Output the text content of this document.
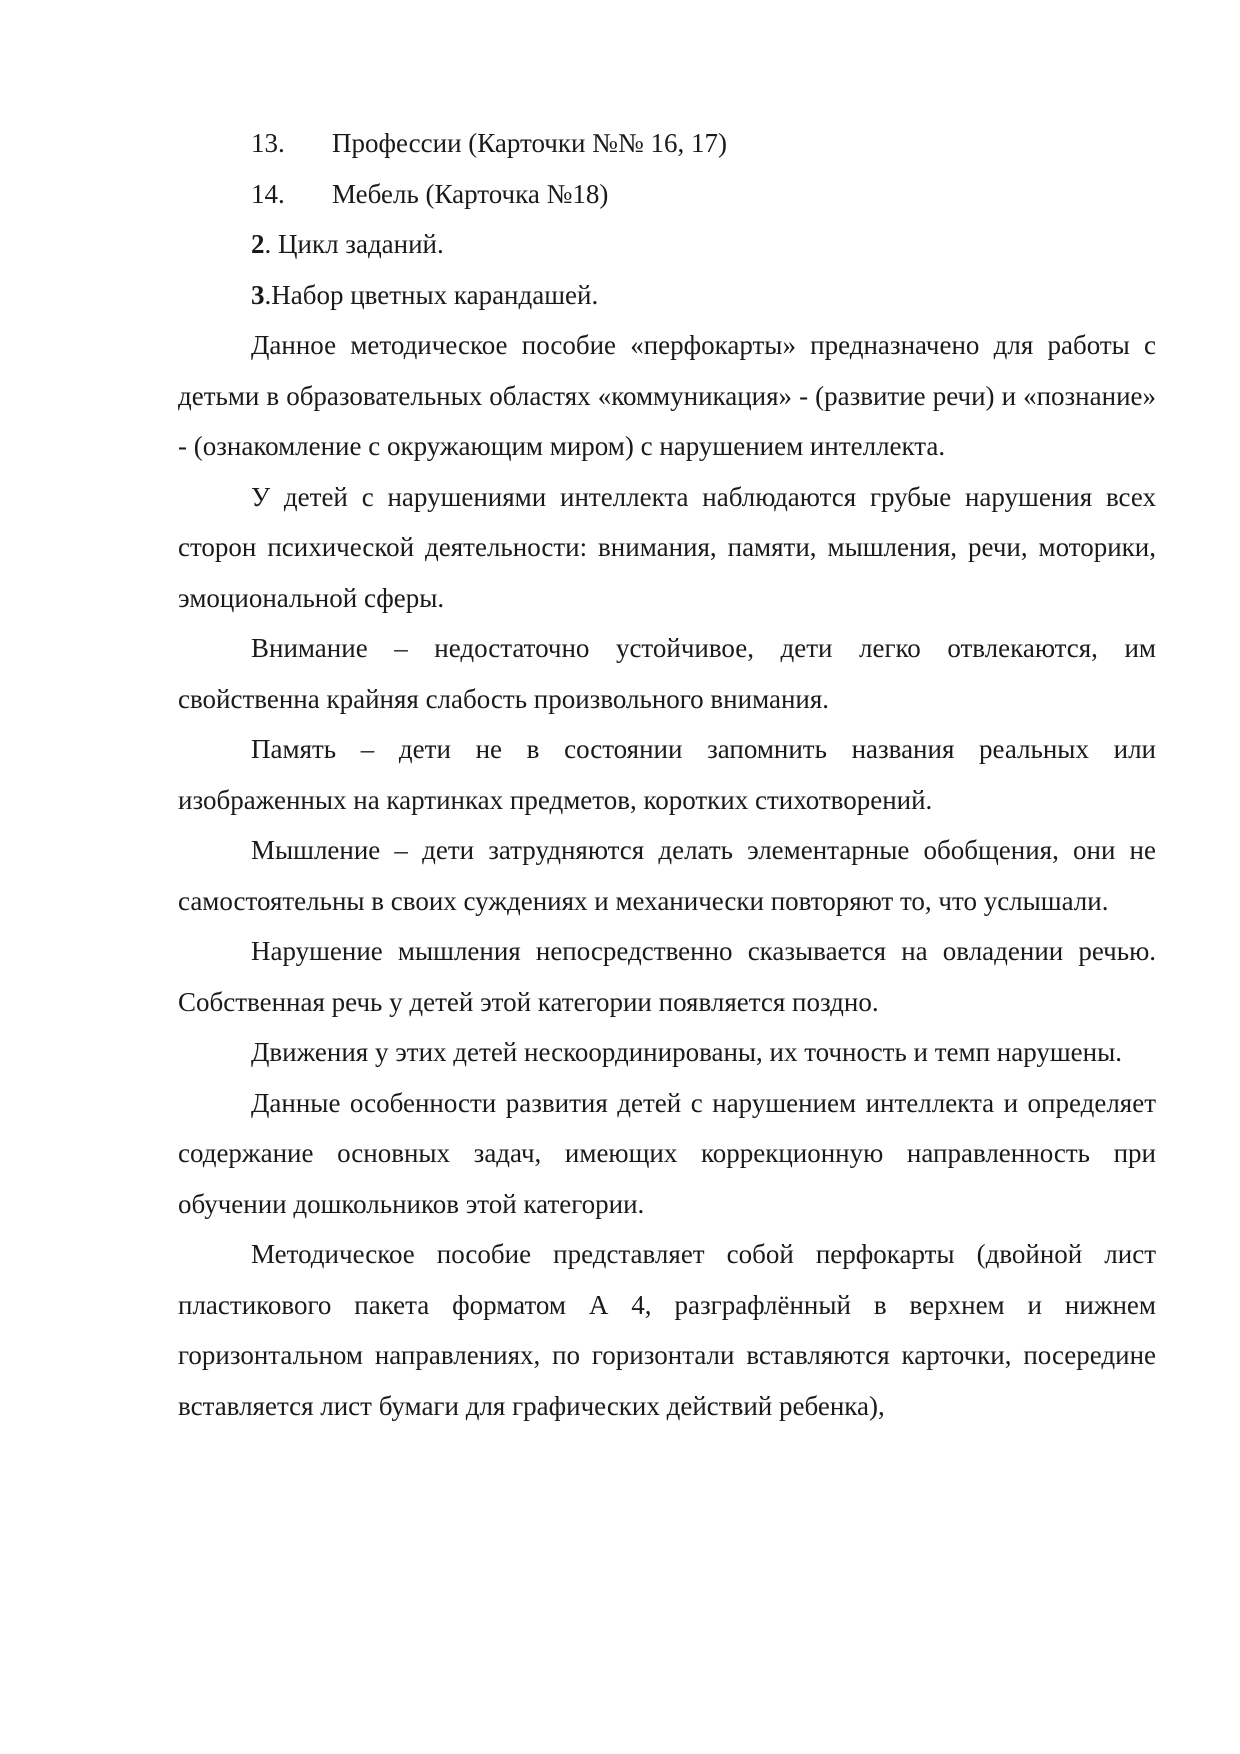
13. Профессии (Карточки №№ 16, 17)
14. Мебель (Карточка №18)
2. Цикл заданий.
3.Набор цветных карандашей.

Данное методическое пособие «перфокарты» предназначено для работы с детьми в образовательных областях «коммуникация» - (развитие речи) и «познание» - (ознакомление с окружающим миром) с нарушением интеллекта.

У детей с нарушениями интеллекта наблюдаются грубые нарушения всех сторон психической деятельности: внимания, памяти, мышления, речи, моторики, эмоциональной сферы.

Внимание – недостаточно устойчивое, дети легко отвлекаются, им свойственна крайняя слабость произвольного внимания.

Память – дети не в состоянии запомнить названия реальных или изображенных на картинках предметов, коротких стихотворений.

Мышление – дети затрудняются делать элементарные обобщения, они не самостоятельны в своих суждениях и механически повторяют то, что услышали.

Нарушение мышления непосредственно сказывается на овладении речью. Собственная речь у детей этой категории появляется поздно.

Движения у этих детей нескоординированы, их точность и темп нарушены.

Данные особенности развития детей с нарушением интеллекта и определяет содержание основных задач, имеющих коррекционную направленность при обучении дошкольников этой категории.

Методическое пособие представляет собой перфокарты (двойной лист пластикового пакета форматом А 4, разграфлённый в верхнем и нижнем горизонтальном направлениях, по горизонтали вставляются карточки, посередине вставляется лист бумаги для графических действий ребенка),
